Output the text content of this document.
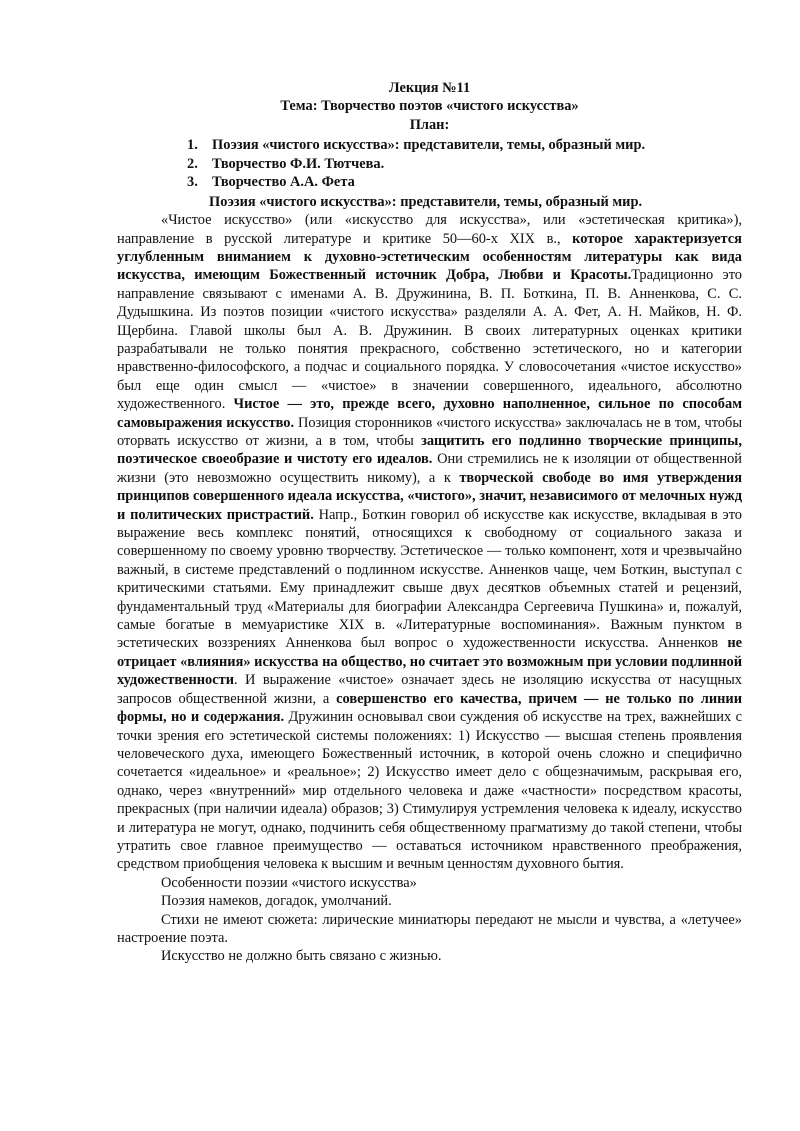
Лекция №11
Тема: Творчество поэтов «чистого искусства»
План:
1. Поэзия «чистого искусства»: представители, темы, образный мир.
2. Творчество Ф.И. Тютчева.
3. Творчество А.А. Фета
Поэзия «чистого искусства»: представители, темы, образный мир.

«Чистое искусство» (или «искусство для искусства», или «эстетическая критика»), направление в русской литературе и критике 50—60-х XIX в., которое характеризуется углубленным вниманием к духовно-эстетическим особенностям литературы как вида искусства, имеющим Божественный источник Добра, Любви и Красоты.Традиционно это направление связывают с именами А. В. Дружинина, В. П. Боткина, П. В. Анненкова, С. С. Дудышкина. Из поэтов позиции «чистого искусства» разделяли А. А. Фет, А. Н. Майков, Н. Ф. Щербина. Главой школы был А. В. Дружинин. В своих литературных оценках критики разрабатывали не только понятия прекрасного, собственно эстетического, но и категории нравственно-философского, а подчас и социального порядка. У словосочетания «чистое искусство» был еще один смысл — «чистое» в значении совершенного, идеального, абсолютно художественного. Чистое — это, прежде всего, духовно наполненное, сильное по способам самовыражения искусство. Позиция сторонников «чистого искусства» заключалась не в том, чтобы оторвать искусство от жизни, а в том, чтобы защитить его подлинно творческие принципы, поэтическое своеобразие и чистоту его идеалов. Они стремились не к изоляции от общественной жизни (это невозможно осуществить никому), а к творческой свободе во имя утверждения принципов совершенного идеала искусства, «чистого», значит, независимого от мелочных нужд и политических пристрастий. Напр., Боткин говорил об искусстве как искусстве, вкладывая в это выражение весь комплекс понятий, относящихся к свободному от социального заказа и совершенному по своему уровню творчеству. Эстетическое — только компонент, хотя и чрезвычайно важный, в системе представлений о подлинном искусстве. Анненков чаще, чем Боткин, выступал с критическими статьями. Ему принадлежит свыше двух десятков объемных статей и рецензий, фундаментальный труд «Материалы для биографии Александра Сергеевича Пушкина» и, пожалуй, самые богатые в мемуаристике XIX в. «Литературные воспоминания». Важным пунктом в эстетических воззрениях Анненкова был вопрос о художественности искусства. Анненков не отрицает «влияния» искусства на общество, но считает это возможным при условии подлинной художественности. И выражение «чистое» означает здесь не изоляцию искусства от насущных запросов общественной жизни, а совершенство его качества, причем — не только по линии формы, но и содержания. Дружинин основывал свои суждения об искусстве на трех, важнейших с точки зрения его эстетической системы положениях: 1) Искусство — высшая степень проявления человеческого духа, имеющего Божественный источник, в которой очень сложно и специфично сочетается «идеальное» и «реальное»; 2) Искусство имеет дело с общезначимым, раскрывая его, однако, через «внутренний» мир отдельного человека и даже «частности» посредством красоты, прекрасных (при наличии идеала) образов; 3) Стимулируя устремления человека к идеалу, искусство и литература не могут, однако, подчинить себя общественному прагматизму до такой степени, чтобы утратить свое главное преимущество — оставаться источником нравственного преображения, средством приобщения человека к высшим и вечным ценностям духовного бытия.

Особенности поэзии «чистого искусства»

Поэзия намеков, догадок, умолчаний.

Стихи не имеют сюжета: лирические миниатюры передают не мысли и чувства, а «летучее» настроение поэта.

Искусство не должно быть связано с жизнью.
